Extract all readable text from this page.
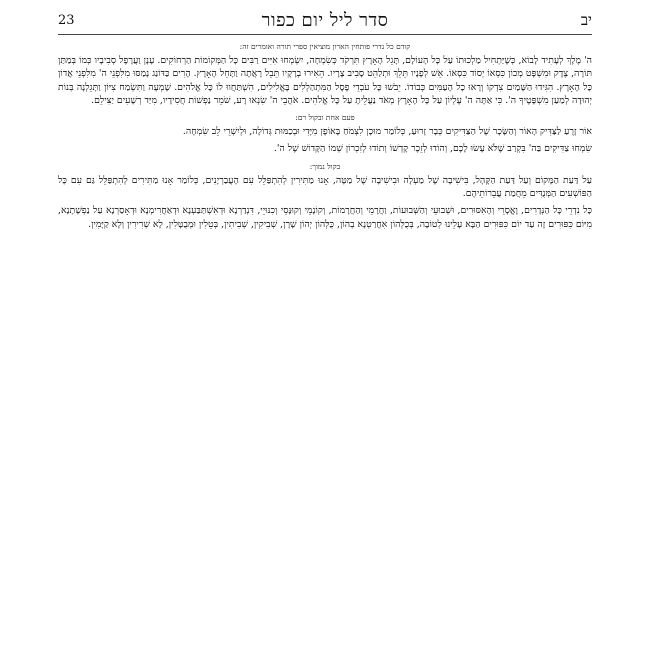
23	סדר ליל יום כפור	יב
קודם כל נדרי פותחין הארון מוציאין ספרי תורה ואומרים זה:

ה' מֶלֶךְ לְעָתִיד לָבוֹא, כְּשֶׁיַּתְחִיל מַלְכוּתוֹ עַל כָּל הָעוֹלָם, תָּגֵל הָאָרֶץ תִּרְקֹד כְּשִׂמְחָה, יִשְׂמְחוּ אִיִּים רַבִּים כָּל הַמְּקוֹמוֹת הַרְחוֹקִים. עָנָן וַעֲרָפֶל סְבִיבָיו כְּמוֹ בְּמַתַּן תּוֹרָה, צֶדֶק וּמִשְׁפָּט מְכוֹן כִּסְאוֹ יְסוֹד כִּסְאוֹ. אֵשׁ לְפָנָיו תֵּלֵךְ וּתְלַהֵט סָבִיב צָרָיו. הֵאִירוּ בְרָקָיו תֵּבֵל רָאֲתָה וַתָּחֵל הָאָרֶץ. הָרִים כַּדּוֹנַג נָמַסּוּ מִלִּפְנֵי ה' מִלִּפְנֵי אֲדוֹן כָּל הָאָרֶץ. הִגִּידוּ הַשָּׁמַיִם צִדְקוֹ וְרָאוּ כָל הָעַמִּים כְּבוֹדוֹ. יֵבֹשׁוּ כָּל עֹבְדֵי פֶסֶל הַמִּתְהַלְלִים בָּאֱלִילִים, הִשְׁתַּחֲווּ לוֹ כָּל אֱלֹהִים. שָׁמְעָה וַתִּשְׂמַח צִיּוֹן וַתָּגֵלְנָה בְּנוֹת יְהוּדָה לְמַעַן מִשְׁפָּטֶיךָ ה'. כִּי אַתָּה ה' עֶלְיוֹן עַל כָּל הָאָרֶץ מְאֹד נַעֲלֵיתָ עַל כָּל אֱלֹהִים. אֹהֲבֵי ה' שִׂנְאוּ רָע, שֹׁמֵר נַפְשׁוֹת חֲסִידָיו, מִיַּד רְשָׁעִים יַצִּילֵם.

פעם אחת ובקול רם:

אוֹר זָרֻעַ לַצַּדִּיק הָאוֹר וְהַשָּׂכָר שֶׁל הַצַּדִּיקִים כְּבָר זָרוּעַ, כְּלוֹמַר מוּכָן לִצְמֹחַ בָּאוֹפֶן מִיָּדִי וּבְכַמּוּת גְּדוֹלָה, וּלְיִשְׁרֵי לֵב שִׂמְחָה.

שִׂמְחוּ צַדִּיקִים בַּה' בִּקְרַב שֶׁלֹּא עָשׂוּ לָכֶם, וְהוֹדוּ לְזֵכֶר קָדְשׁוֹ וְתוֹדוּ לְזִכְרוֹן שְׁמוֹ הַקָּדוֹשׁ שֶׁל ה'.

בקול נמוך:

עַל דַּעַת הַמָּקוֹם וְעַל דַּעַת הַקָּהָל, בִּישִׁיבָה שֶׁל מַעְלָה וּבִישִׁיבָה שֶׁל מַטָּה, אָנוּ מַתִּירִין לְהִתְפַּלֵּל עִם הָעֲבַרְיָנִים, כְּלוֹמַר אָנוּ מַתִּירִים לְהִתְפַּלֵּל גַּם עִם כָּל הַפּוֹשְׁעִים הַמְּנֻדִּים מֵחֲמַת עֲבֵרוֹתֵיהֶם.

כָּל נִדְרֵי כָּל הַנְּדָרִים, וֶאֱסָרֵי וְהָאִסּוּרִים, וּשְׁבוּעֵי וְהַשְּׁבוּעוֹת, וַחֲרָמֵי וְהַחֲרָמוֹת, וְקוֹנָמֵי וְקוּנָּסֵי וְכִנּוּיֵי, דִּנְדַרְנָא וּדְאִשְׁתַּבַּעְנָא וּדְאַחֲרִימְנָא וּדְאָסַרְנָא עַל נַפְשָׁתָנָא, מִיּוֹם כִּפּוּרִים זֶה עַד יוֹם כִּפּוּרִים הַבָּא עָלֵינוּ לְטוֹבָה, בְּכֻלְּהוֹן אִחֲרַטְנָא בְהוֹן, כֻּלְּהוֹן יְהוֹן שָׁרָן, שְׁבִיקִין, שְׁבִיתִין, בְּטֵלִין וּמְבֻטָּלִין, לָא שְׁרִירִין וְלָא קַיָּמִין.
